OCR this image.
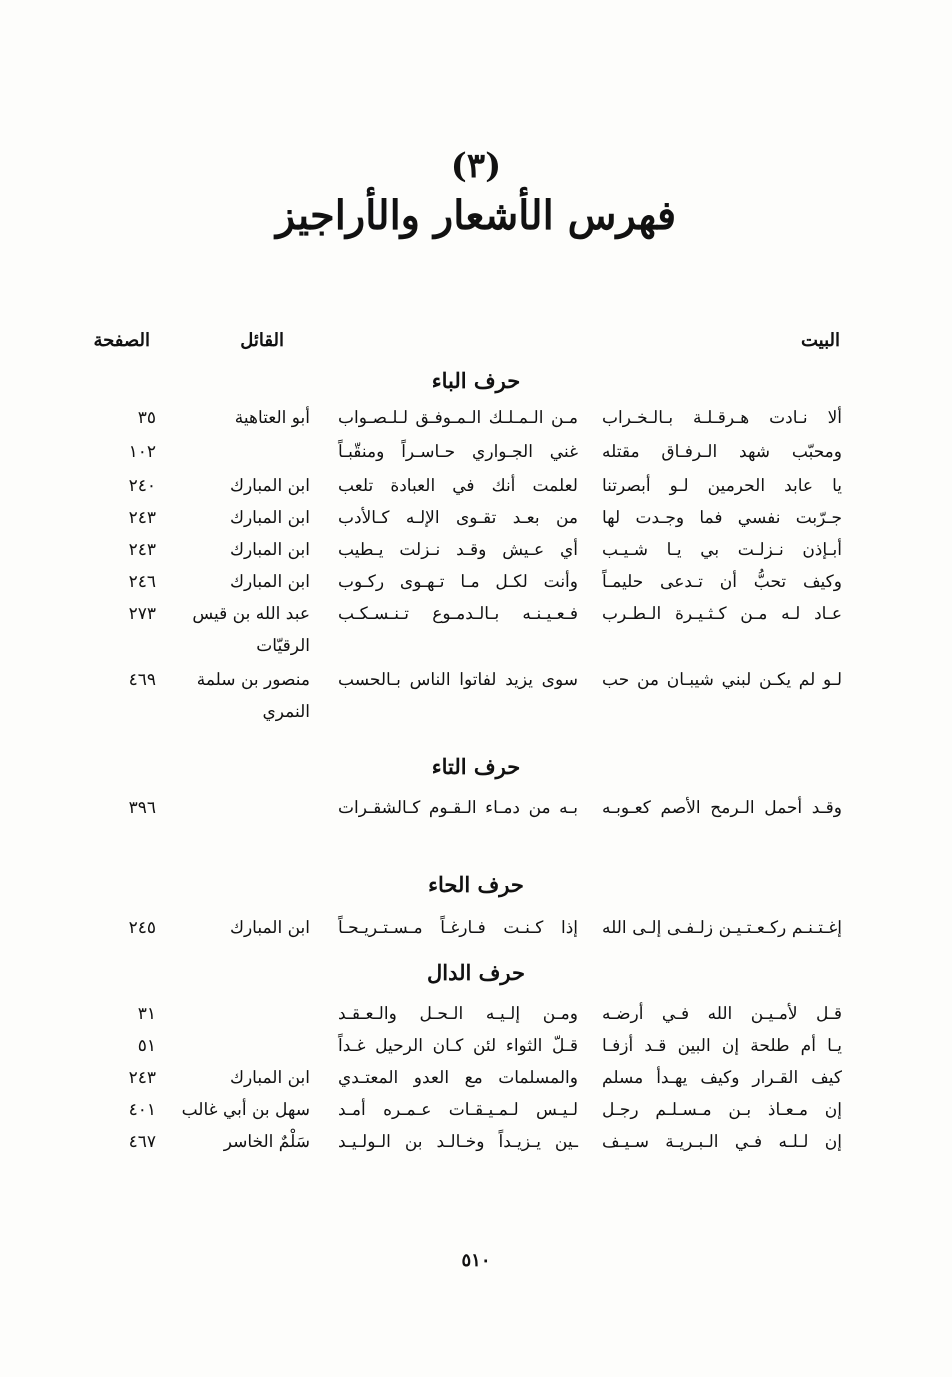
(٣)
فهرس الأشعار والأراجيز
البيت
القائل
الصفحة
حرف الباء
ألا نـادت هـرقـلـة بـالـخـراب
مـن الـمـلـك الـمـوفـق لـلـصـواب
أبو العتاهية
٣٥
ومحبّب شهد الـرفـاق مقتله
غني الجـواري حـاسـراً ومنقّبـاً
١٠٢
يا عابد الحرمين لـو أبصرتنا
لعلمت أنك في العبادة تلعب
ابن المبارك
٢٤٠
جـرّبت نفسي فما وجـدت لها
من بعـد تقـوى الإلـه كـالأدب
ابن المبارك
٢٤٣
أبـإذن نـزلـت بي يـا شـيـب
أي عـيش وقـد نـزلت يـطيب
ابن المبارك
٢٤٣
وكيف تحبُّ أن تـدعى حليمـاً
وأنت لكـل مـا تـهـوى ركـوب
ابن المبارك
٢٤٦
عـاد لـه مـن كـثـيـرة الـطـرب
فـعـيـنـه بـالـدمـوع تـنـسـكـب
عبد الله بن قيس
٢٧٣
الرقيّات
لـو لم يكـن لبني شيبـان من حب
سوى يزيد لفاتوا الناس بـالحسب
منصور بن سلمة
٤٦٩
النمري
حرف التاء
وقـد أحمل الـرمح الأصم كعـوبـه
بـه من دمـاء الـقـوم كـالشقـرات
٣٩٦
حرف الحاء
إغـتـنـم ركـعـتـيـن زلـفـى إلـى الله
إذا كـنـت فـارغـاً مـسـتـريـحـاً
ابن المبارك
٢٤٥
حرف الدال
قـل لأمـيـن الله فـي أرضـه
ومـن إلـيـه الـحـل والـعـقـد
٣١
يـا أم طلحة إن البين قـد أزفـا
قـلّ الثواء لئن كـان الرحيل غـداً
٥١
كيف القـرار وكيف يهـدأ مسلم
والمسلمات مع العدو المعتـدي
ابن المبارك
٢٤٣
إن مـعـاذ بـن مـسـلـم رجـل
لـيـس لـمـيـقـات عـمـره أمـد
سهل بن أبي غالب
٤٠١
إن لـلـه فـي الـبـريـة سـيـف
ـين يـزيـداً وخـالـد بن الـولـيـد
سَلْمٌ الخاسر
٤٦٧
٥١٠
